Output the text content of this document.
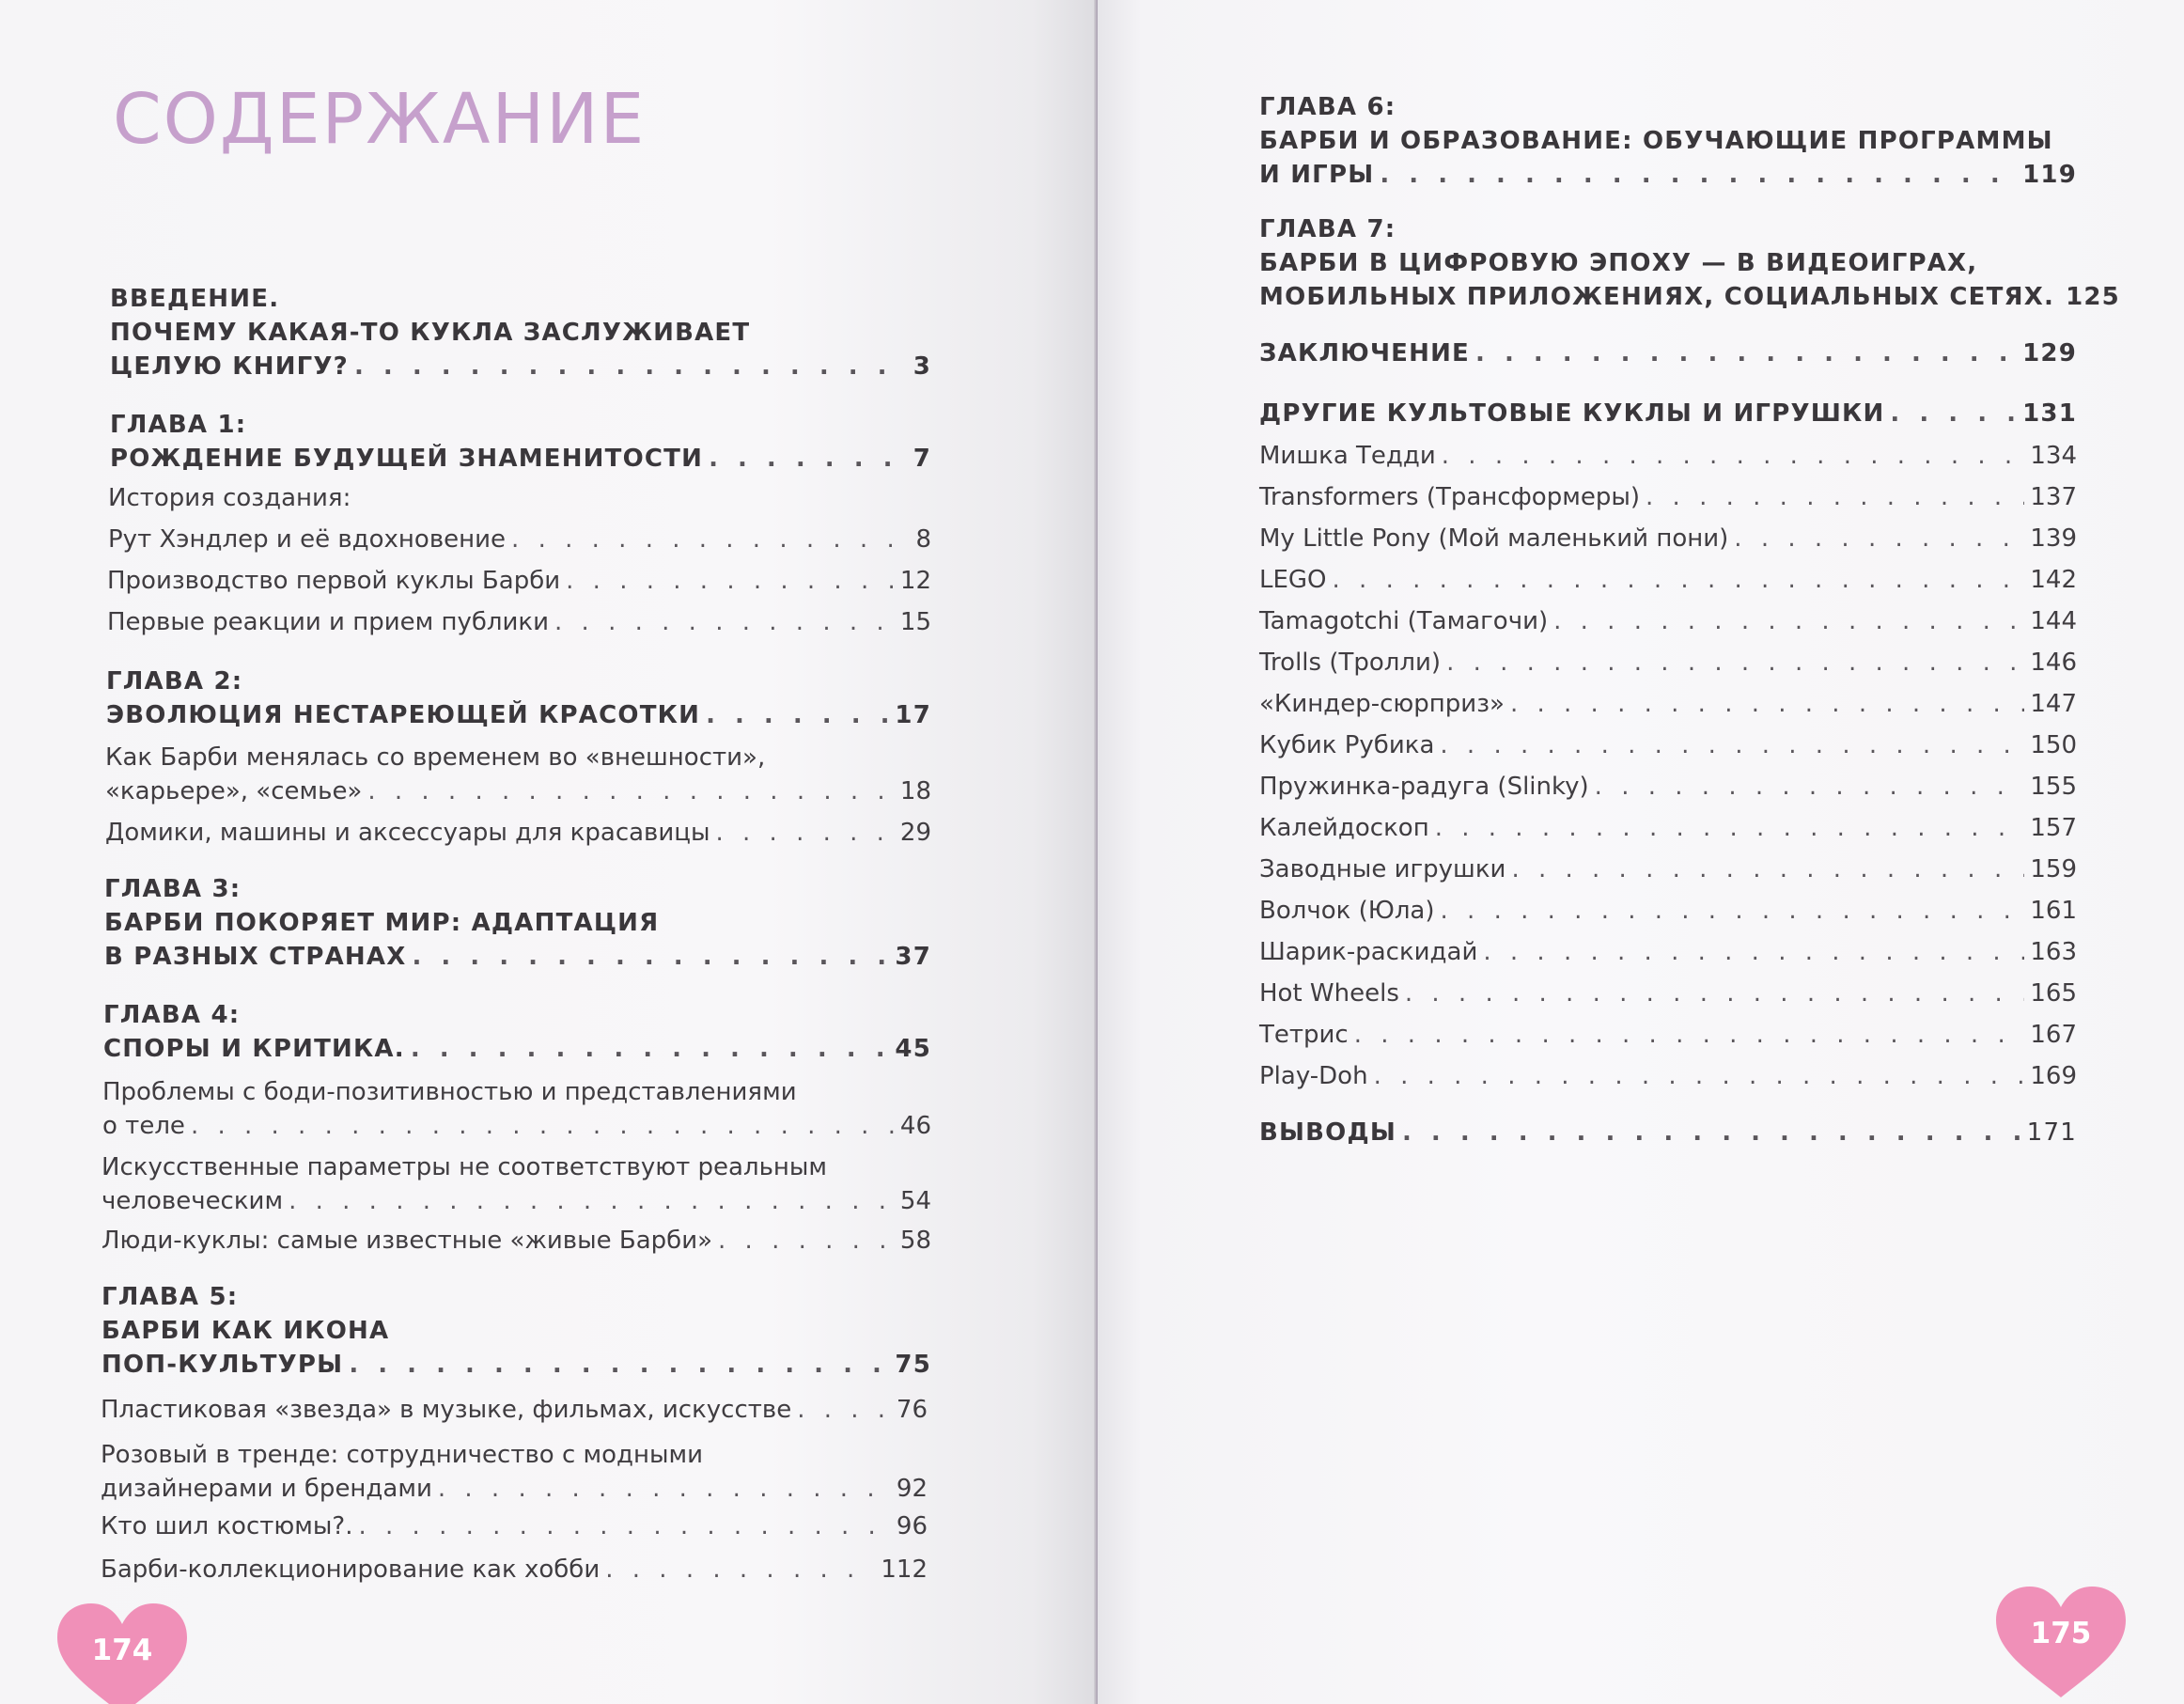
СОДЕРЖАНИЕ
ВВЕДЕНИЕ.
ПОЧЕМУ КАКАЯ-ТО КУКЛА ЗАСЛУЖИВАЕТ
ЦЕЛУЮ КНИГУ? . . .	3
ГЛАВА 1:
РОЖДЕНИЕ БУДУЩЕЙ ЗНАМЕНИТОСТИ . . .	7
История создания:
Рут Хэндлер и её вдохновение . . .	8
Производство первой куклы Барби . . .	12
Первые реакции и прием публики . . .	15
ГЛАВА 2:
ЭВОЛЮЦИЯ НЕСТАРЕЮЩЕЙ КРАСОТКИ . . .	17
Как Барби менялась со временем во «внешности»,
«карьере», «семье» . . .	18
Домики, машины и аксессуары для красавицы . . .	29
ГЛАВА 3:
БАРБИ ПОКОРЯЕТ МИР: АДАПТАЦИЯ
В РАЗНЫХ СТРАНАХ . . .	37
ГЛАВА 4:
СПОРЫ И КРИТИКА. . . .	45
Проблемы с боди-позитивностью и представлениями
о теле . . .	46
Искусственные параметры не соответствуют реальным
человеческим . . .	54
Люди-куклы: самые известные «живые Барби» . . .	58
ГЛАВА 5:
БАРБИ КАК ИКОНА
ПОП-КУЛЬТУРЫ . . .	75
Пластиковая «звезда» в музыке, фильмах, искусстве . . .	76
Розовый в тренде: сотрудничество с модными
дизайнерами и брендами . . .	92
Кто шил костюмы?. . . .	96
Барби-коллекционирование как хобби . . .	112
174
ГЛАВА 6:
БАРБИ И ОБРАЗОВАНИЕ: ОБУЧАЮЩИЕ ПРОГРАММЫ
И ИГРЫ . . .	119
ГЛАВА 7:
БАРБИ В ЦИФРОВУЮ ЭПОХУ — В ВИДЕОИГРАХ,
МОБИЛЬНЫХ ПРИЛОЖЕНИЯХ, СОЦИАЛЬНЫХ СЕТЯХ. 125
ЗАКЛЮЧЕНИЕ . . .	129
ДРУГИЕ КУЛЬТОВЫЕ КУКЛЫ И ИГРУШКИ . . .	131
Мишка Тедди . . .	134
Transformers (Трансформеры) . . .	137
My Little Pony (Мой маленький пони) . . .	139
LEGO . . .	142
Tamagotchi (Тамагочи) . . .	144
Trolls (Тролли) . . .	146
«Киндер-сюрприз» . . .	147
Кубик Рубика . . .	150
Пружинка-радуга (Slinky) . . .	155
Калейдоскоп . . .	157
Заводные игрушки . . .	159
Волчок (Юла) . . .	161
Шарик-раскидай . . .	163
Hot Wheels . . .	165
Тетрис . . .	167
Play-Doh . . .	169
ВЫВОДЫ . . .	171
175
